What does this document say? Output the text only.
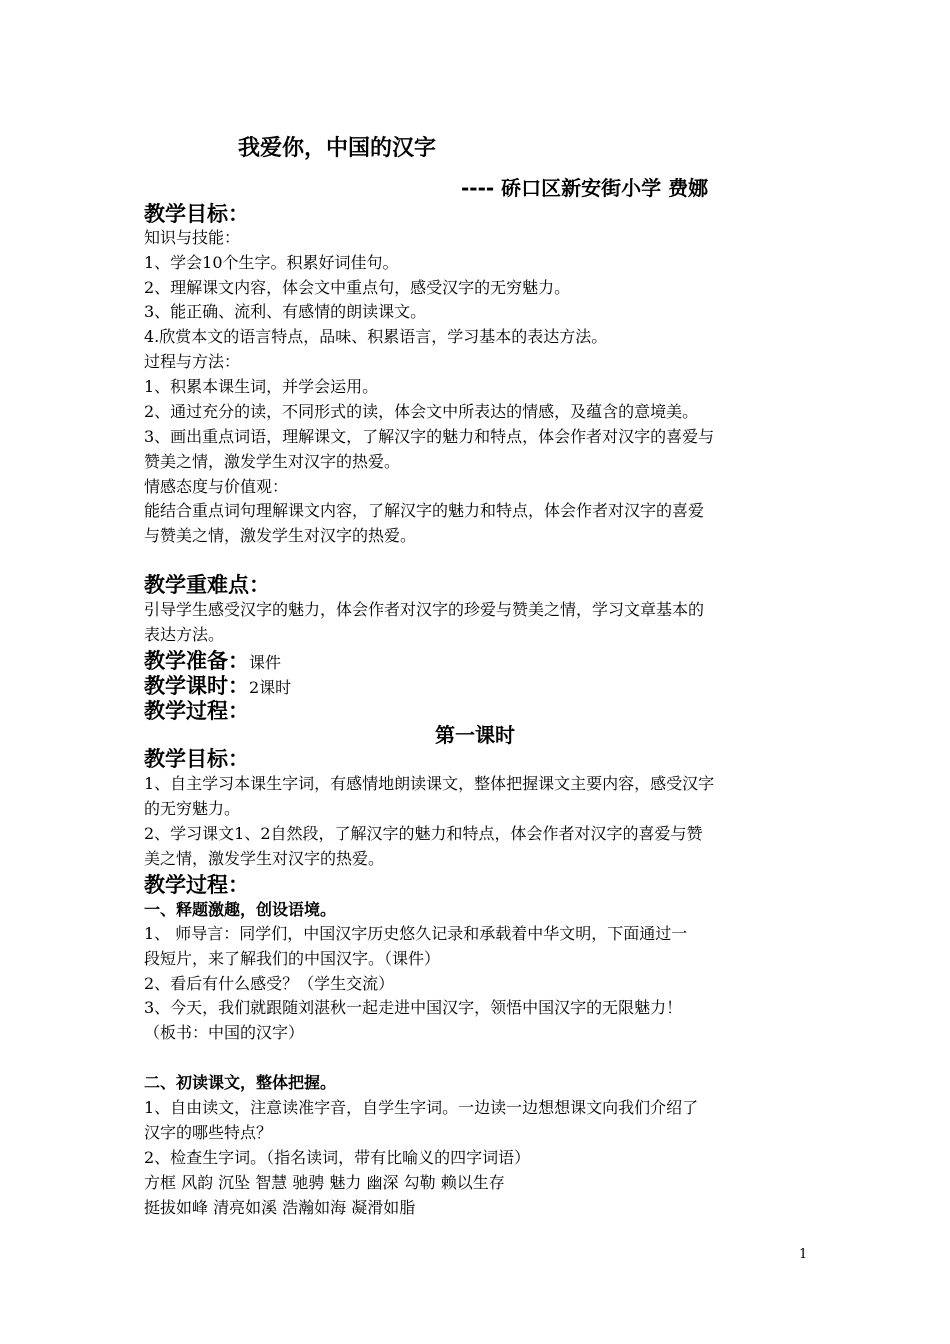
我爱你，中国的汉字
---- 硚口区新安街小学 费娜
教学目标：
知识与技能：
1、学会10个生字。积累好词佳句。
2、理解课文内容，体会文中重点句，感受汉字的无穷魅力。
3、能正确、流利、有感情的朗读课文。
4.欣赏本文的语言特点，品味、积累语言，学习基本的表达方法。
过程与方法：
1、积累本课生词，并学会运用。
2、通过充分的读，不同形式的读，体会文中所表达的情感，及蕴含的意境美。
3、画出重点词语，理解课文，了解汉字的魅力和特点，体会作者对汉字的喜爱与
赞美之情，激发学生对汉字的热爱。
情感态度与价值观：
能结合重点词句理解课文内容，了解汉字的魅力和特点，体会作者对汉字的喜爱
与赞美之情，激发学生对汉字的热爱。
教学重难点：
引导学生感受汉字的魅力，体会作者对汉字的珍爱与赞美之情，学习文章基本的
表达方法。
教学准备：课件
教学课时：2课时
教学过程：
第一课时
教学目标：
1、自主学习本课生字词，有感情地朗读课文，整体把握课文主要内容，感受汉字
的无穷魅力。
2、学习课文1、2自然段，了解汉字的魅力和特点，体会作者对汉字的喜爱与赞
美之情，激发学生对汉字的热爱。
教学过程：
一、释题激趣，创设语境。
1、 师导言：同学们，中国汉字历史悠久记录和承载着中华文明，下面通过一
段短片，来了解我们的中国汉字。（课件）
2、看后有什么感受？（学生交流）
3、今天，我们就跟随刘湛秋一起走进中国汉字，领悟中国汉字的无限魅力！
（板书：中国的汉字）
二、初读课文，整体把握。
1、自由读文，注意读准字音，自学生字词。一边读一边想想课文向我们介绍了
汉字的哪些特点？
2、检查生字词。（指名读词，带有比喻义的四字词语）
方框 风韵 沉坠 智慧 驰骋 魅力 幽深 勾勒 赖以生存
挺拔如峰 清亮如溪 浩瀚如海 凝滑如脂
1
